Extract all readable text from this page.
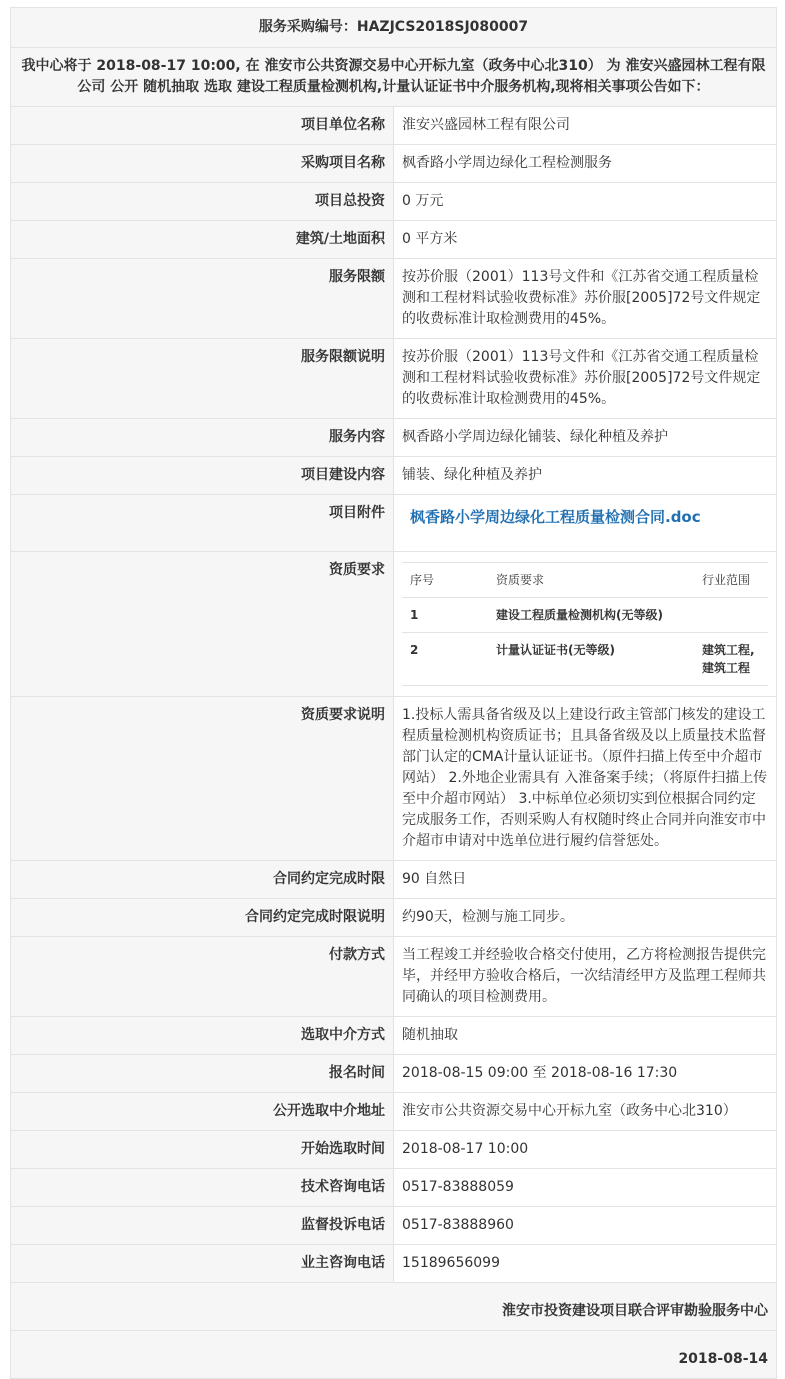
服务采购编号：HAZJCS2018SJ080007
我中心将于 2018-08-17 10:00, 在 淮安市公共资源交易中心开标九室（政务中心北310） 为 淮安兴盛园林工程有限公司 公开 随机抽取 选取 建设工程质量检测机构,计量认证证书中介服务机构,现将相关事项公告如下：
项目单位名称	淮安兴盛园林工程有限公司
采购项目名称	枫香路小学周边绿化工程检测服务
项目总投资	0 万元
建筑/土地面积	0 平方米
服务限额	按苏价服（2001）113号文件和《江苏省交通工程质量检测和工程材料试验收费标准》苏价服[2005]72号文件规定的收费标准计取检测费用的45%。
服务限额说明	按苏价服（2001）113号文件和《江苏省交通工程质量检测和工程材料试验收费标准》苏价服[2005]72号文件规定的收费标准计取检测费用的45%。
服务内容	枫香路小学周边绿化铺装、绿化种植及养护
项目建设内容	铺装、绿化种植及养护
项目附件	枫香路小学周边绿化工程质量检测合同.doc
资质要求	
序号	资质要求	行业范围
1	建设工程质量检测机构(无等级)	
2	计量认证证书(无等级)	建筑工程,建筑工程

资质要求说明	1.投标人需具备省级及以上建设行政主管部门核发的建设工程质量检测机构资质证书；且具备省级及以上质量技术监督部门认定的CMA计量认证证书。（原件扫描上传至中介超市网站） 2.外地企业需具有 入淮备案手续；（将原件扫描上传至中介超市网站） 3.中标单位必须切实到位根据合同约定完成服务工作，否则采购人有权随时终止合同并向淮安市中介超市申请对中选单位进行履约信誉惩处。
合同约定完成时限	90 自然日
合同约定完成时限说明	约90天，检测与施工同步。
付款方式	当工程竣工并经验收合格交付使用，乙方将检测报告提供完毕，并经甲方验收合格后，一次结清经甲方及监理工程师共同确认的项目检测费用。
选取中介方式	随机抽取
报名时间	2018-08-15 09:00 至 2018-08-16 17:30
公开选取中介地址	淮安市公共资源交易中心开标九室（政务中心北310）
开始选取时间	2018-08-17 10:00
技术咨询电话	0517-83888059
监督投诉电话	0517-83888960
业主咨询电话	15189656099
淮安市投资建设项目联合评审勘验服务中心
2018-08-14
